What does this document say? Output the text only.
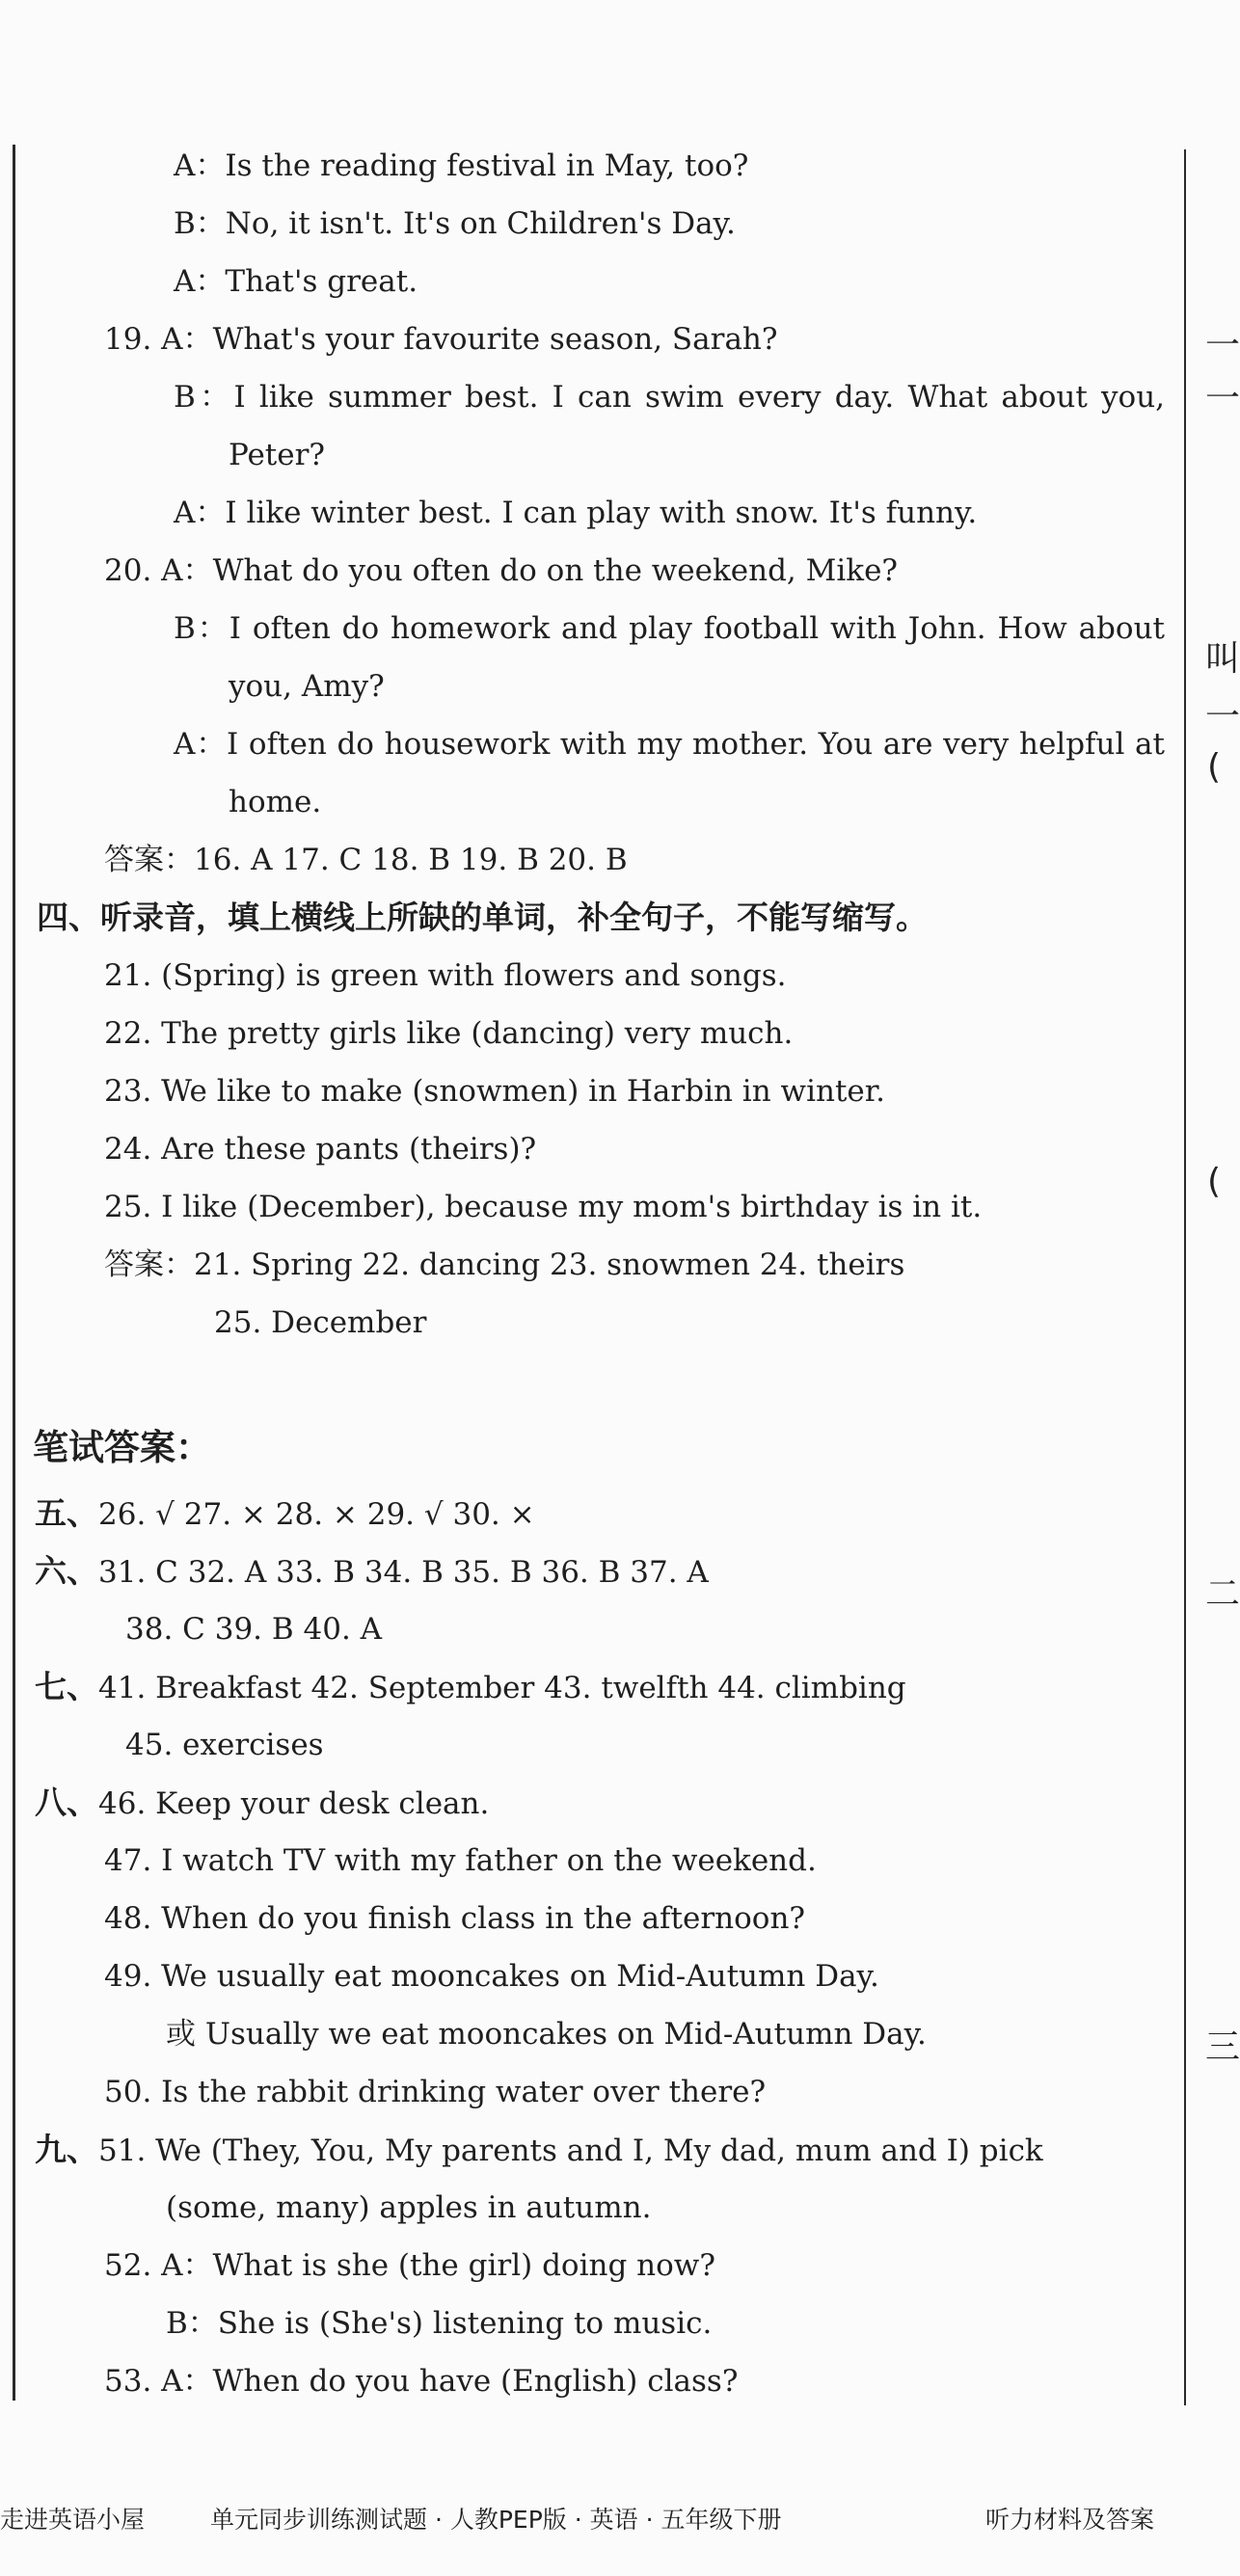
A：Is the reading festival in May, too?
B：No, it isn't. It's on Children's Day.
A：That's great.
19. A：What's your favourite season, Sarah?
B：I like summer best. I can swim every day. What about you,
Peter?
A：I like winter best. I can play with snow. It's funny.
20. A：What do you often do on the weekend, Mike?
B：I often do homework and play football with John. How about
you, Amy?
A：I often do housework with my mother. You are very helpful at
home.
答案：16. A 17. C 18. B 19. B 20. B
四、听录音，填上横线上所缺的单词，补全句子，不能写缩写。
21. (Spring) is green with flowers and songs.
22. The pretty girls like (dancing) very much.
23. We like to make (snowmen) in Harbin in winter.
24. Are these pants (theirs)?
25. I like (December), because my mom's birthday is in it.
答案：21. Spring 22. dancing 23. snowmen 24. theirs
25. December
笔试答案：
五、26. √ 27. × 28. × 29. √ 30. ×
六、31. C 32. A 33. B 34. B 35. B 36. B 37. A
38. C 39. B 40. A
七、41. Breakfast 42. September 43. twelfth 44. climbing
45. exercises
八、46. Keep your desk clean.
47. I watch TV with my father on the weekend.
48. When do you finish class in the afternoon?
49. We usually eat mooncakes on Mid-Autumn Day.
或 Usually we eat mooncakes on Mid-Autumn Day.
50. Is the rabbit drinking water over there?
九、51. We (They, You, My parents and I, My dad, mum and I) pick
(some, many) apples in autumn.
52. A：What is she (the girl) doing now?
B：She is (She's) listening to music.
53. A：When do you have (English) class?
一
一
叫
一
(
(
二
三
走进英语小屋	单元同步训练测试题 · 人教PEP版 · 英语 · 五年级下册	听力材料及答案
